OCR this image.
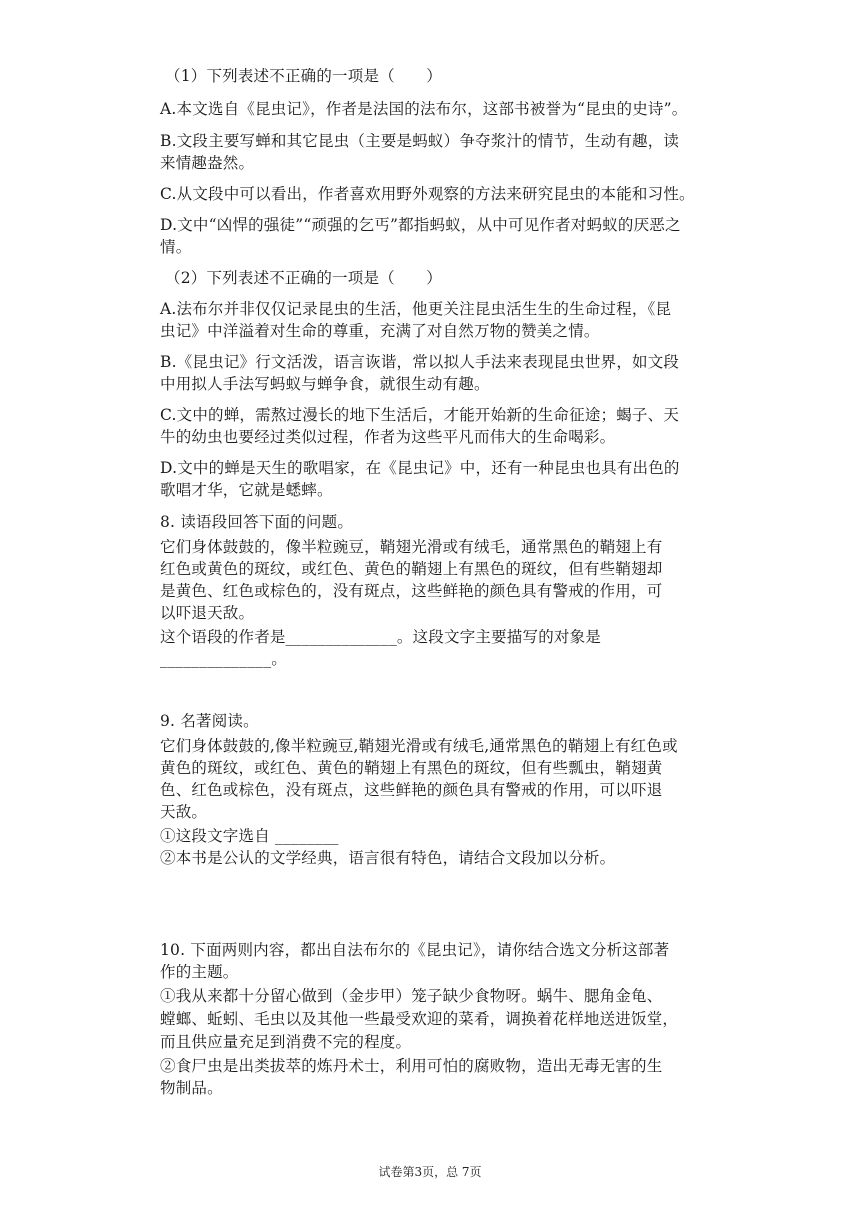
（1）下列表述不正确的一项是（　　）
A.本文选自《昆虫记》，作者是法国的法布尔，这部书被誉为“昆虫的史诗”。
B.文段主要写蝉和其它昆虫（主要是蚂蚁）争夺浆汁的情节，生动有趣，读
来情趣盎然。
C.从文段中可以看出，作者喜欢用野外观察的方法来研究昆虫的本能和习性。
D.文中“凶悍的强徒”“顽强的乞丐”都指蚂蚁，从中可见作者对蚂蚁的厌恶之
情。
（2）下列表述不正确的一项是（　　）
A.法布尔并非仅仅记录昆虫的生活，他更关注昆虫活生生的生命过程，《昆
虫记》中洋溢着对生命的尊重，充满了对自然万物的赞美之情。
B.《昆虫记》行文活泼，语言诙谐，常以拟人手法来表现昆虫世界，如文段
中用拟人手法写蚂蚁与蝉争食，就很生动有趣。
C.文中的蝉，需熬过漫长的地下生活后，才能开始新的生命征途；蝎子、天
牛的幼虫也要经过类似过程，作者为这些平凡而伟大的生命喝彩。
D.文中的蝉是天生的歌唱家，在《昆虫记》中，还有一种昆虫也具有出色的
歌唱才华，它就是蟋蟀。
8. 读语段回答下面的问题。
它们身体鼓鼓的，像半粒豌豆，鞘翅光滑或有绒毛，通常黑色的鞘翅上有
红色或黄色的斑纹，或红色、黄色的鞘翅上有黑色的斑纹，但有些鞘翅却
是黄色、红色或棕色的，没有斑点，这些鲜艳的颜色具有警戒的作用，可
以吓退天敌。
这个语段的作者是______________。这段文字主要描写的对象是
______________。
9. 名著阅读。
它们身体鼓鼓的,像半粒豌豆,鞘翅光滑或有绒毛,通常黑色的鞘翅上有红色或
黄色的斑纹，或红色、黄色的鞘翅上有黑色的斑纹，但有些瓢虫，鞘翅黄
色、红色或棕色，没有斑点，这些鲜艳的颜色具有警戒的作用，可以吓退
天敌。
①这段文字选自 ________
②本书是公认的文学经典，语言很有特色，请结合文段加以分析。
10. 下面两则内容，都出自法布尔的《昆虫记》，请你结合选文分析这部著
作的主题。
①我从来都十分留心做到（金步甲）笼子缺少食物呀。蜗牛、腮角金龟、
螳螂、蚯蚓、毛虫以及其他一些最受欢迎的菜肴，调换着花样地送进饭堂，
而且供应量充足到消费不完的程度。
②食尸虫是出类拔萃的炼丹术士，利用可怕的腐败物，造出无毒无害的生
物制品。
试卷第3页，总 7页
